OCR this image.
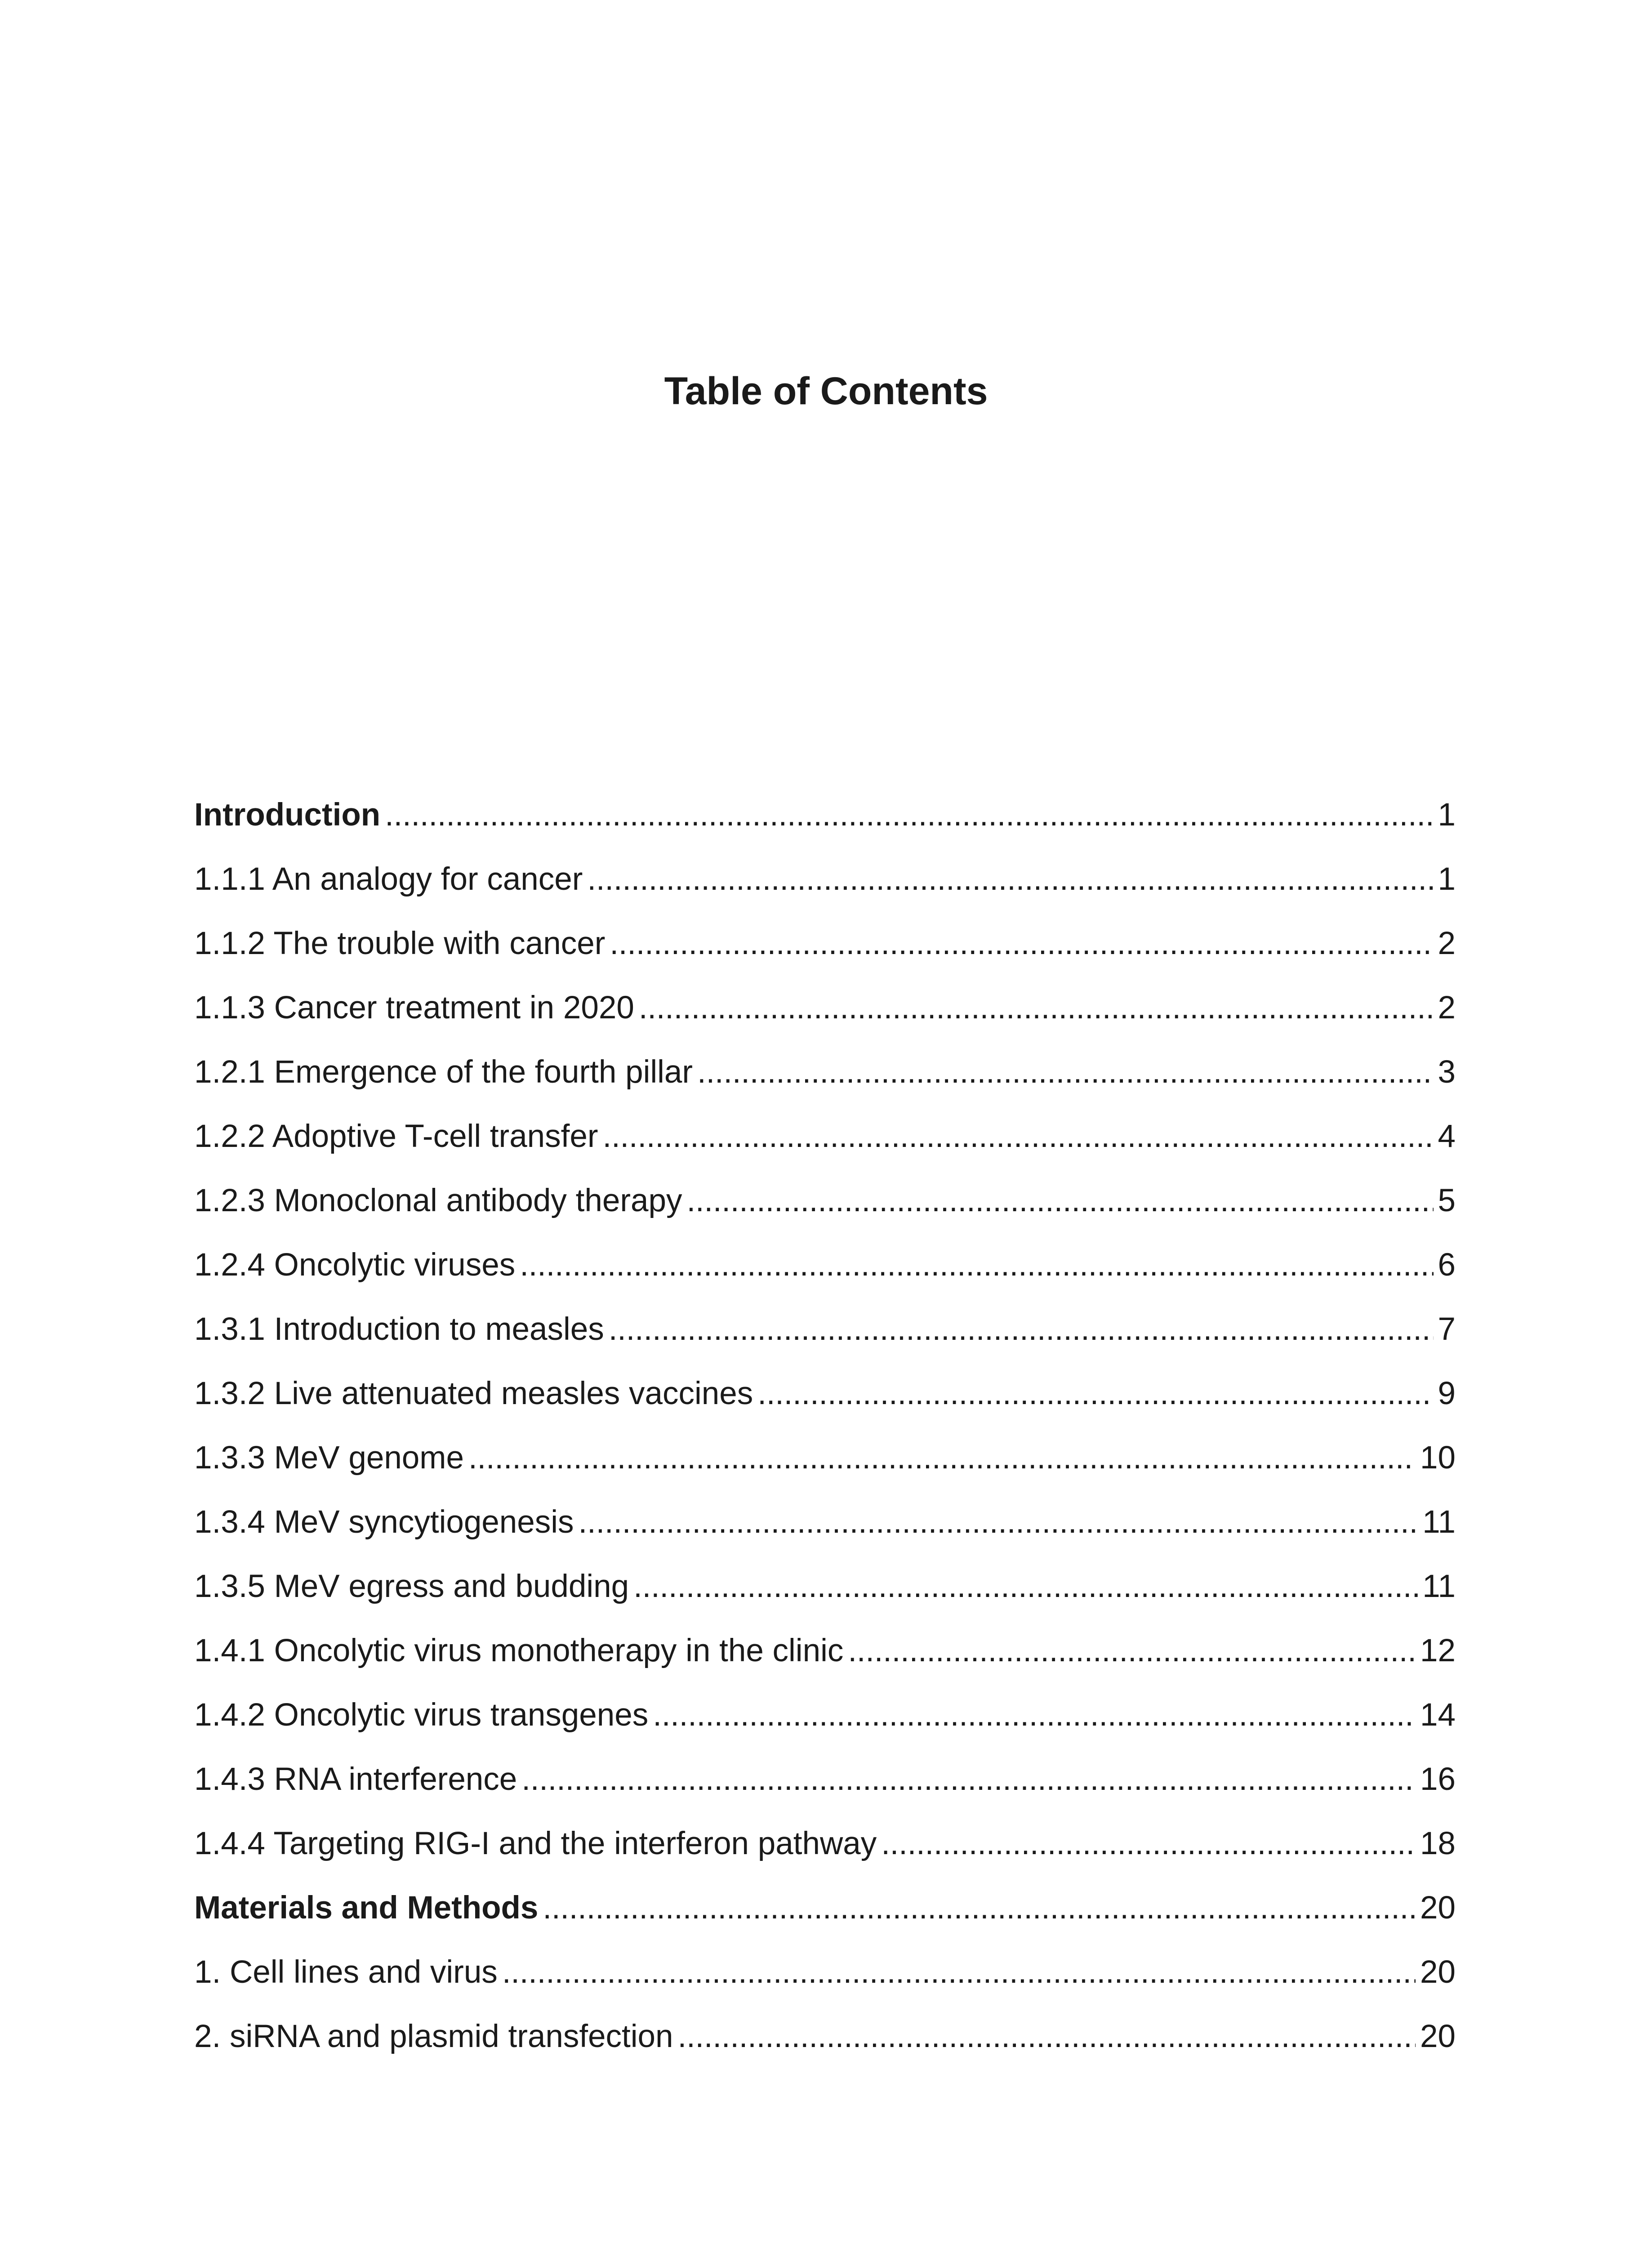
Table of Contents
Introduction . . .	1
1.1.1 An analogy for cancer . . .	1
1.1.2 The trouble with cancer . . .	2
1.1.3 Cancer treatment in 2020 . . .	2
1.2.1 Emergence of the fourth pillar . . .	3
1.2.2 Adoptive T-cell transfer . . .	4
1.2.3 Monoclonal antibody therapy . . .	5
1.2.4 Oncolytic viruses . . .	6
1.3.1 Introduction to measles . . .	7
1.3.2 Live attenuated measles vaccines . . .	9
1.3.3 MeV genome . . .	10
1.3.4 MeV syncytiogenesis . . .	11
1.3.5 MeV egress and budding . . .	11
1.4.1 Oncolytic virus monotherapy in the clinic . . .	12
1.4.2 Oncolytic virus transgenes . . .	14
1.4.3 RNA interference . . .	16
1.4.4 Targeting RIG-I and the interferon pathway . . .	18
Materials and Methods . . .	20
1. Cell lines and virus . . .	20
2. siRNA and plasmid transfection . . .	20
